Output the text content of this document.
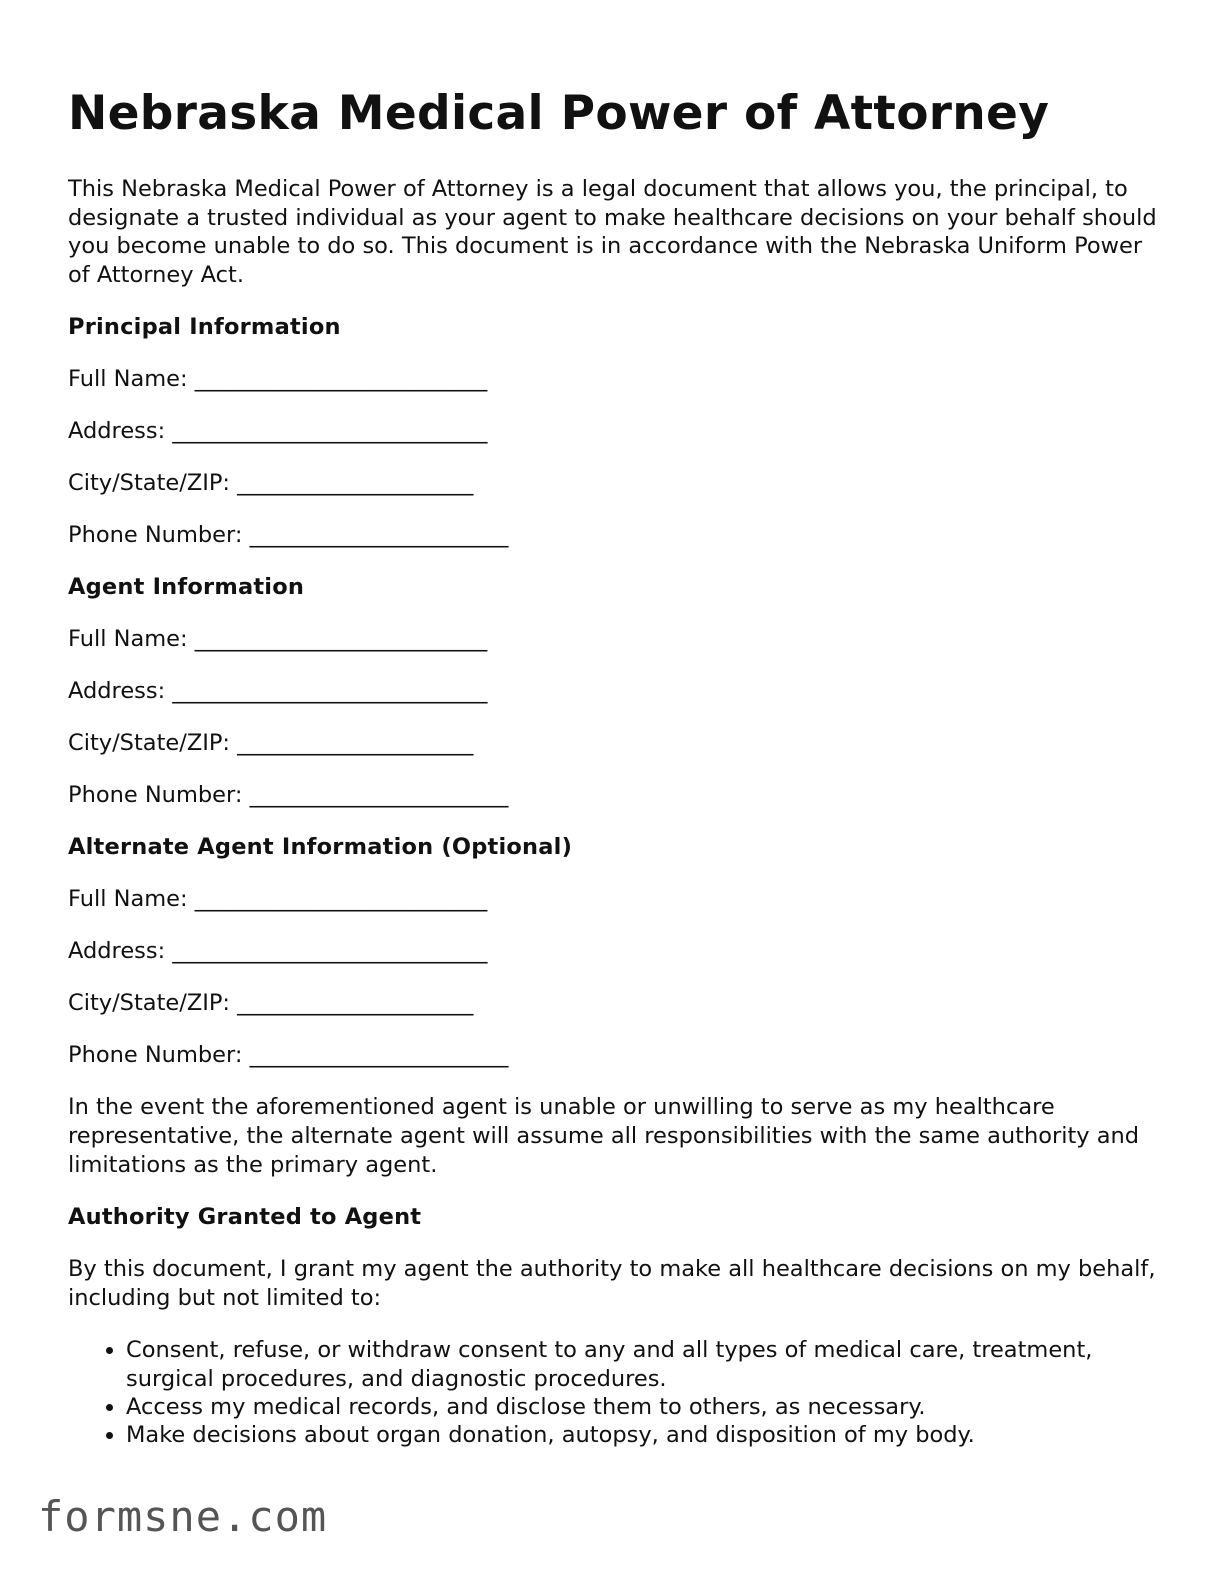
Nebraska Medical Power of Attorney

This Nebraska Medical Power of Attorney is a legal document that allows you, the principal, to designate a trusted individual as your agent to make healthcare decisions on your behalf should you become unable to do so. This document is in accordance with the Nebraska Uniform Power of Attorney Act.

Principal Information
Full Name: __________________________
Address: ____________________________
City/State/ZIP: _____________________
Phone Number: _______________________
Agent Information
Full Name: __________________________
Address: ____________________________
City/State/ZIP: _____________________
Phone Number: _______________________
Alternate Agent Information (Optional)
Full Name: __________________________
Address: ____________________________
City/State/ZIP: _____________________
Phone Number: _______________________

In the event the aforementioned agent is unable or unwilling to serve as my healthcare representative, the alternate agent will assume all responsibilities with the same authority and limitations as the primary agent.

Authority Granted to Agent

By this document, I grant my agent the authority to make all healthcare decisions on my behalf, including but not limited to:

• Consent, refuse, or withdraw consent to any and all types of medical care, treatment, surgical procedures, and diagnostic procedures.
• Access my medical records, and disclose them to others, as necessary.
• Make decisions about organ donation, autopsy, and disposition of my body.
formsne.com
